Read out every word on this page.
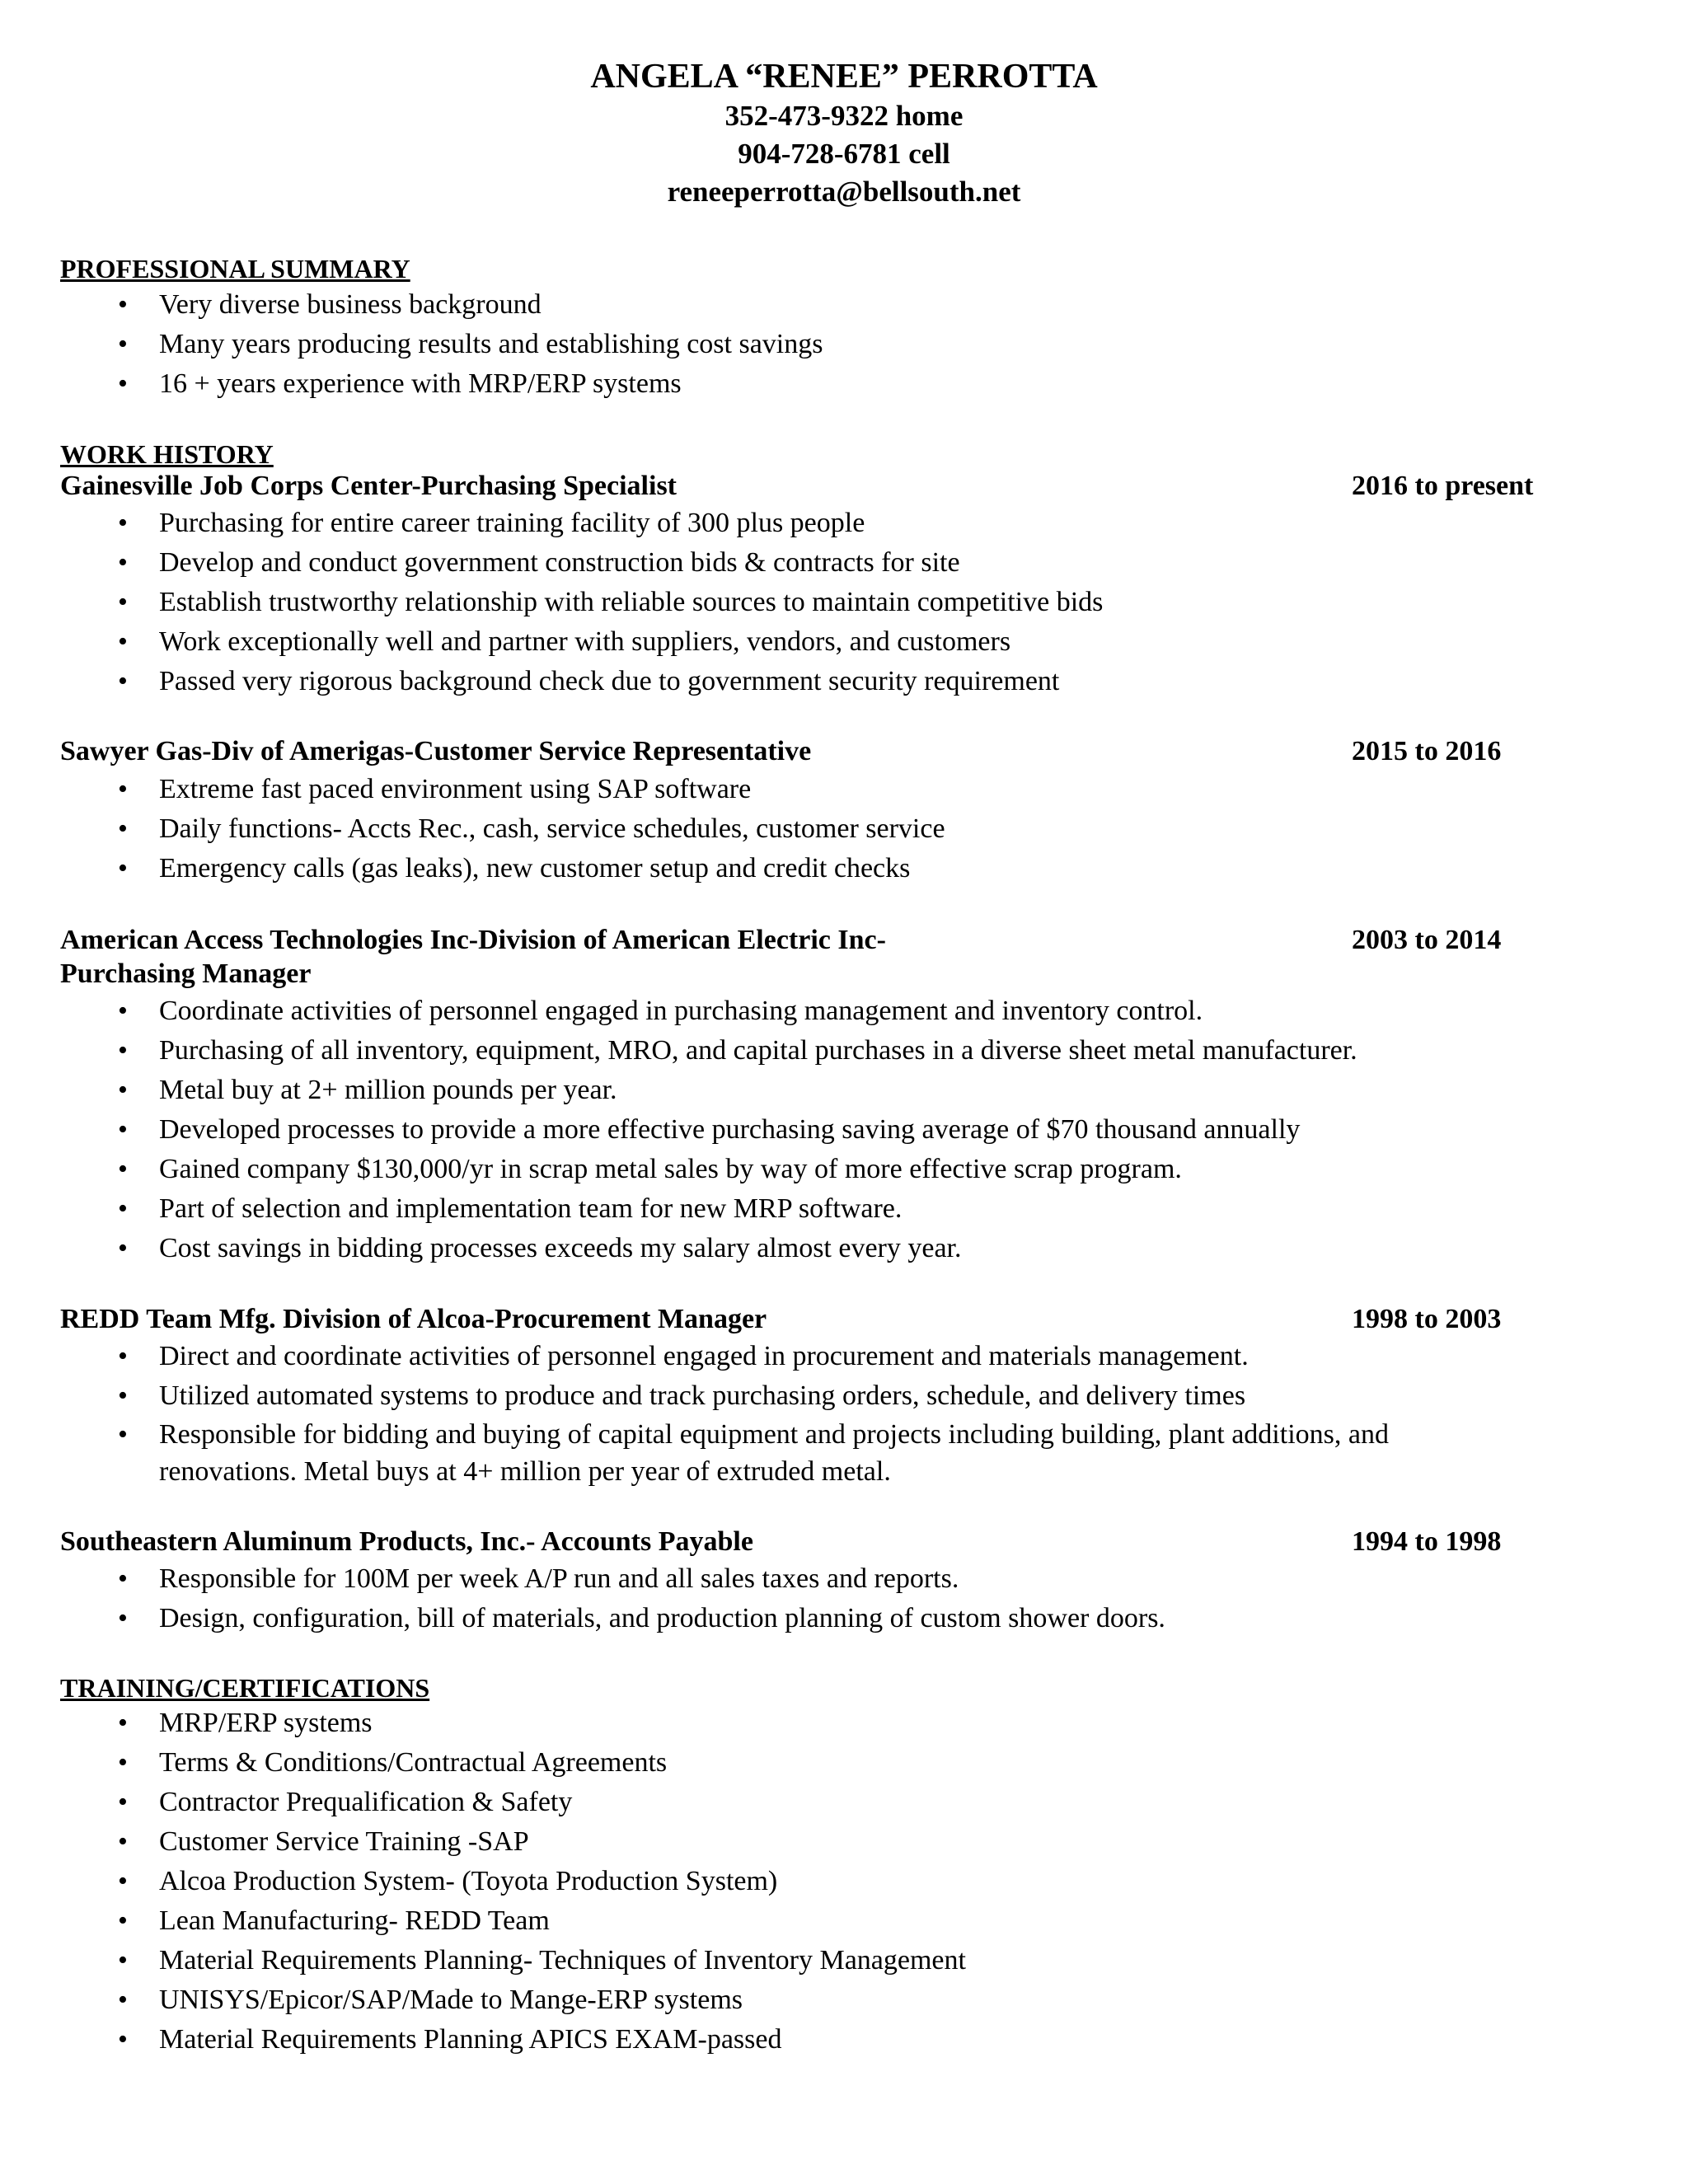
ANGELA “RENEE” PERROTTA
352-473-9322 home
904-728-6781 cell
reneeperrotta@bellsouth.net
PROFESSIONAL SUMMARY
• Very diverse business background
• Many years producing results and establishing cost savings
• 16 + years experience with MRP/ERP systems
WORK HISTORY
Gainesville Job Corps Center-Purchasing Specialist	2016 to present
• Purchasing for entire career training facility of 300 plus people
• Develop and conduct government construction bids & contracts for site
• Establish trustworthy relationship with reliable sources to maintain competitive bids
• Work exceptionally well and partner with suppliers, vendors, and customers
• Passed very rigorous background check due to government security requirement
Sawyer Gas-Div of Amerigas-Customer Service Representative	2015 to 2016
• Extreme fast paced environment using SAP software
• Daily functions- Accts Rec., cash, service schedules, customer service
• Emergency calls (gas leaks), new customer setup and credit checks
American Access Technologies Inc-Division of American Electric Inc-	2003 to 2014
Purchasing Manager
• Coordinate activities of personnel engaged in purchasing management and inventory control.
• Purchasing of all inventory, equipment, MRO, and capital purchases in a diverse sheet metal manufacturer.
• Metal buy at 2+ million pounds per year.
• Developed processes to provide a more effective purchasing saving average of $70 thousand annually
• Gained company $130,000/yr in scrap metal sales by way of more effective scrap program.
• Part of selection and implementation team for new MRP software.
• Cost savings in bidding processes exceeds my salary almost every year.
REDD Team Mfg. Division of Alcoa-Procurement Manager	1998 to 2003
• Direct and coordinate activities of personnel engaged in procurement and materials management.
• Utilized automated systems to produce and track purchasing orders, schedule, and delivery times
• Responsible for bidding and buying of capital equipment and projects including building, plant additions, and renovations. Metal buys at 4+ million per year of extruded metal.
Southeastern Aluminum Products, Inc.- Accounts Payable	1994 to 1998
• Responsible for 100M per week A/P run and all sales taxes and reports.
• Design, configuration, bill of materials, and production planning of custom shower doors.
TRAINING/CERTIFICATIONS
• MRP/ERP systems
• Terms & Conditions/Contractual Agreements
• Contractor Prequalification & Safety
• Customer Service Training -SAP
• Alcoa Production System- (Toyota Production System)
• Lean Manufacturing- REDD Team
• Material Requirements Planning- Techniques of Inventory Management
• UNISYS/Epicor/SAP/Made to Mange-ERP systems
• Material Requirements Planning APICS EXAM-passed
